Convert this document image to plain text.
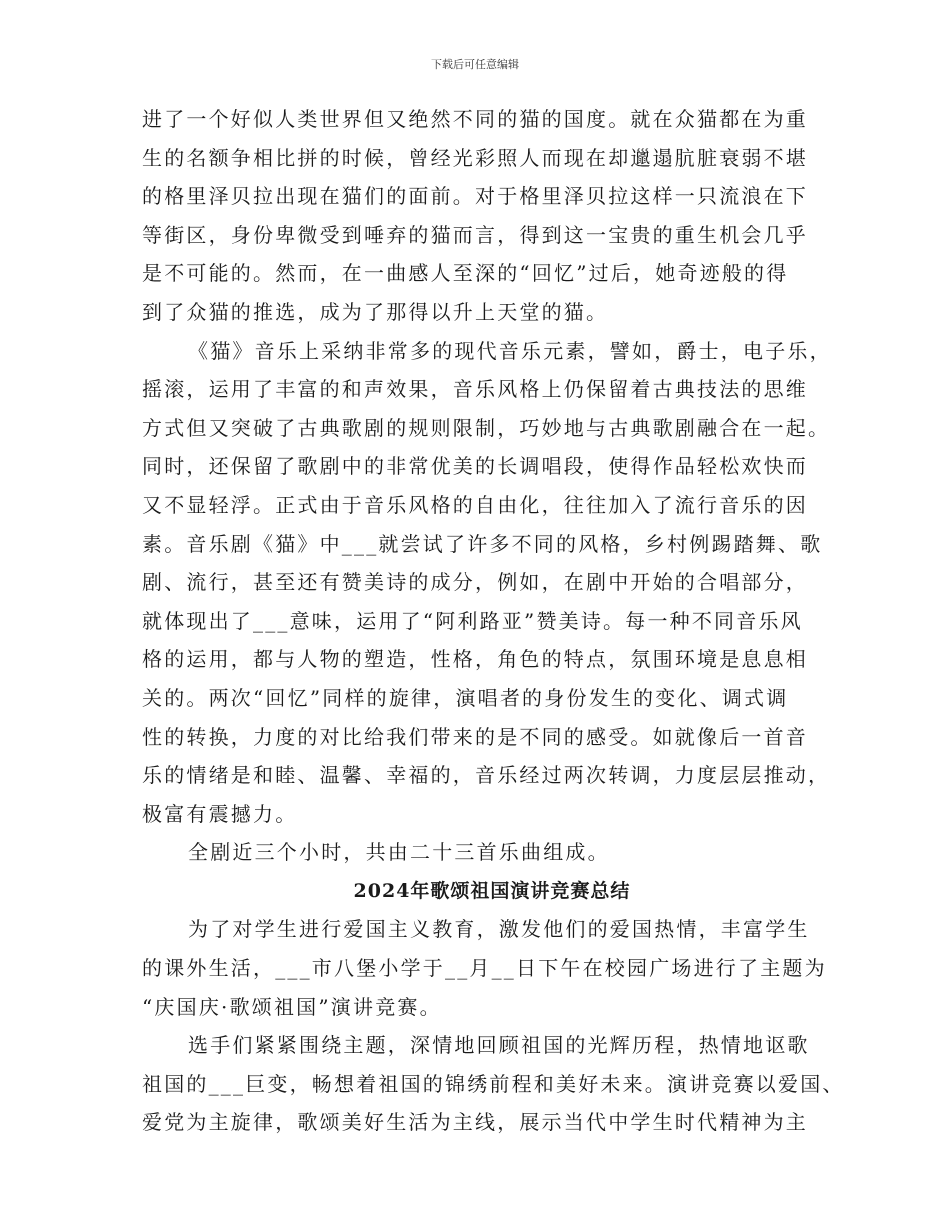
下载后可任意编辑
进了一个好似人类世界但又绝然不同的猫的国度。就在众猫都在为重
生的名额争相比拼的时候，曾经光彩照人而现在却邋遢肮脏衰弱不堪
的格里泽贝拉出现在猫们的面前。对于格里泽贝拉这样一只流浪在下
等街区，身份卑微受到唾弃的猫而言，得到这一宝贵的重生机会几乎
是不可能的。然而，在一曲感人至深的“回忆”过后，她奇迹般的得
到了众猫的推选，成为了那得以升上天堂的猫。
《猫》音乐上采纳非常多的现代音乐元素，譬如，爵士，电子乐，
摇滚，运用了丰富的和声效果，音乐风格上仍保留着古典技法的思维
方式但又突破了古典歌剧的规则限制，巧妙地与古典歌剧融合在一起。
同时，还保留了歌剧中的非常优美的长调唱段，使得作品轻松欢快而
又不显轻浮。正式由于音乐风格的自由化，往往加入了流行音乐的因
素。音乐剧《猫》中___就尝试了许多不同的风格，乡村例踢踏舞、歌
剧、流行，甚至还有赞美诗的成分，例如，在剧中开始的合唱部分，
就体现出了___意味，运用了“阿利路亚”赞美诗。每一种不同音乐风
格的运用，都与人物的塑造，性格，角色的特点，氛围环境是息息相
关的。两次“回忆”同样的旋律，演唱者的身份发生的变化、调式调
性的转换，力度的对比给我们带来的是不同的感受。如就像后一首音
乐的情绪是和睦、温馨、幸福的，音乐经过两次转调，力度层层推动，
极富有震撼力。
全剧近三个小时，共由二十三首乐曲组成。
2024年歌颂祖国演讲竞赛总结
为了对学生进行爱国主义教育，激发他们的爱国热情，丰富学生
的课外生活，___市八堡小学于__月__日下午在校园广场进行了主题为
“庆国庆·歌颂祖国”演讲竞赛。
选手们紧紧围绕主题，深情地回顾祖国的光辉历程，热情地讴歌
祖国的___巨变，畅想着祖国的锦绣前程和美好未来。演讲竞赛以爱国、
爱党为主旋律，歌颂美好生活为主线，展示当代中学生时代精神为主
